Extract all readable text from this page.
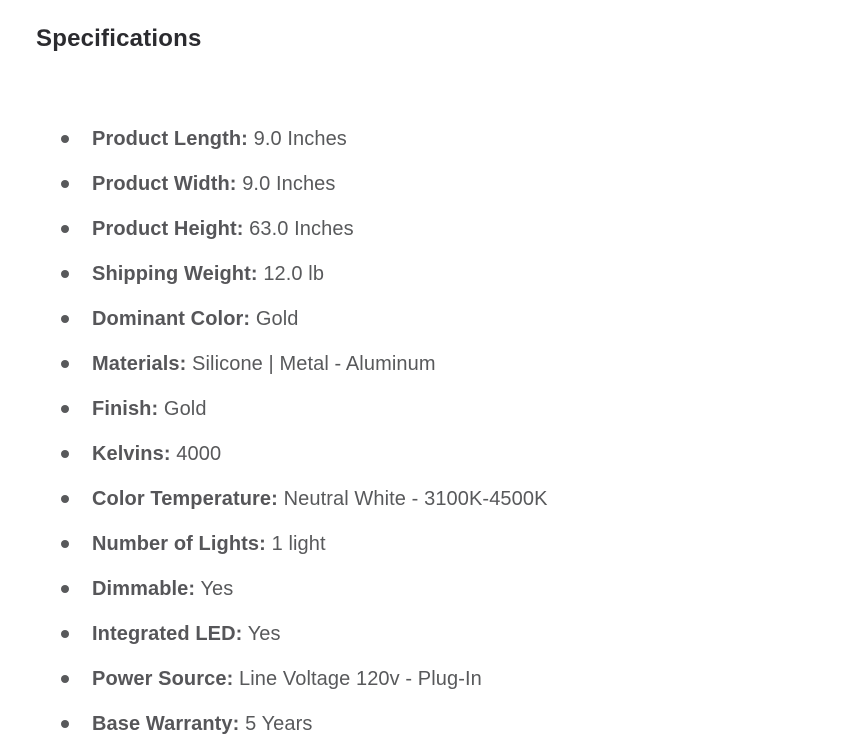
Specifications
Product Length: 9.0 Inches
Product Width: 9.0 Inches
Product Height: 63.0 Inches
Shipping Weight: 12.0 lb
Dominant Color: Gold
Materials: Silicone | Metal - Aluminum
Finish: Gold
Kelvins: 4000
Color Temperature: Neutral White - 3100K-4500K
Number of Lights: 1 light
Dimmable: Yes
Integrated LED: Yes
Power Source: Line Voltage 120v - Plug-In
Base Warranty: 5 Years
